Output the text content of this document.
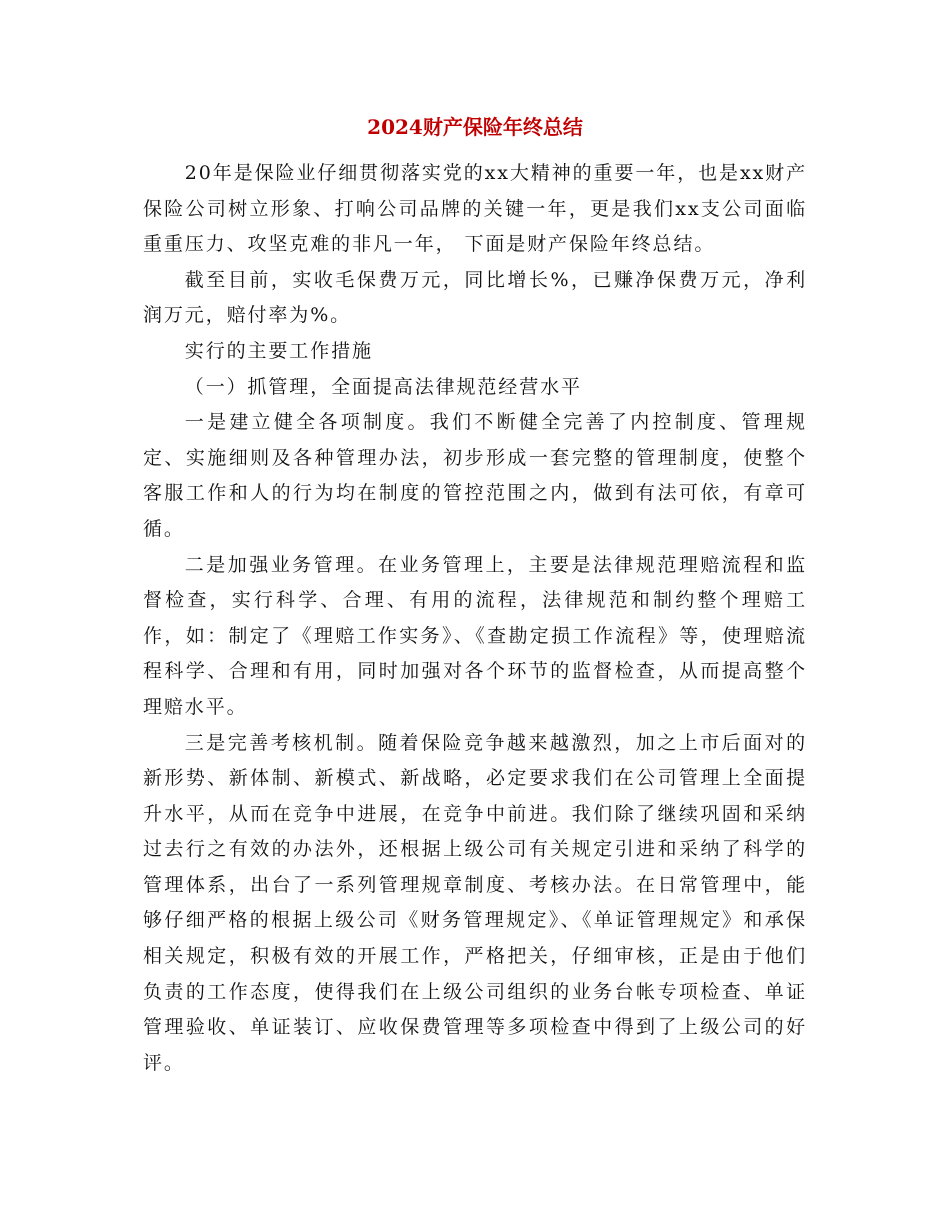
2024财产保险年终总结

20年是保险业仔细贯彻落实党的xx大精神的重要一年，也是xx财产保险公司树立形象、打响公司品牌的关键一年，更是我们xx支公司面临重重压力、攻坚克难的非凡一年， 下面是财产保险年终总结。

截至目前，实收毛保费万元，同比增长%，已赚净保费万元，净利润万元，赔付率为%。

实行的主要工作措施

（一）抓管理，全面提高法律规范经营水平

一是建立健全各项制度。我们不断健全完善了内控制度、管理规定、实施细则及各种管理办法，初步形成一套完整的管理制度，使整个客服工作和人的行为均在制度的管控范围之内，做到有法可依，有章可循。

二是加强业务管理。在业务管理上，主要是法律规范理赔流程和监督检查，实行科学、合理、有用的流程，法律规范和制约整个理赔工作，如：制定了《理赔工作实务》、《查勘定损工作流程》等，使理赔流程科学、合理和有用，同时加强对各个环节的监督检查，从而提高整个理赔水平。

三是完善考核机制。随着保险竞争越来越激烈，加之上市后面对的新形势、新体制、新模式、新战略，必定要求我们在公司管理上全面提升水平，从而在竞争中进展，在竞争中前进。我们除了继续巩固和采纳过去行之有效的办法外，还根据上级公司有关规定引进和采纳了科学的管理体系，出台了一系列管理规章制度、考核办法。在日常管理中，能够仔细严格的根据上级公司《财务管理规定》、《单证管理规定》和承保相关规定，积极有效的开展工作，严格把关，仔细审核，正是由于他们负责的工作态度，使得我们在上级公司组织的业务台帐专项检查、单证管理验收、单证装订、应收保费管理等多项检查中得到了上级公司的好评。
